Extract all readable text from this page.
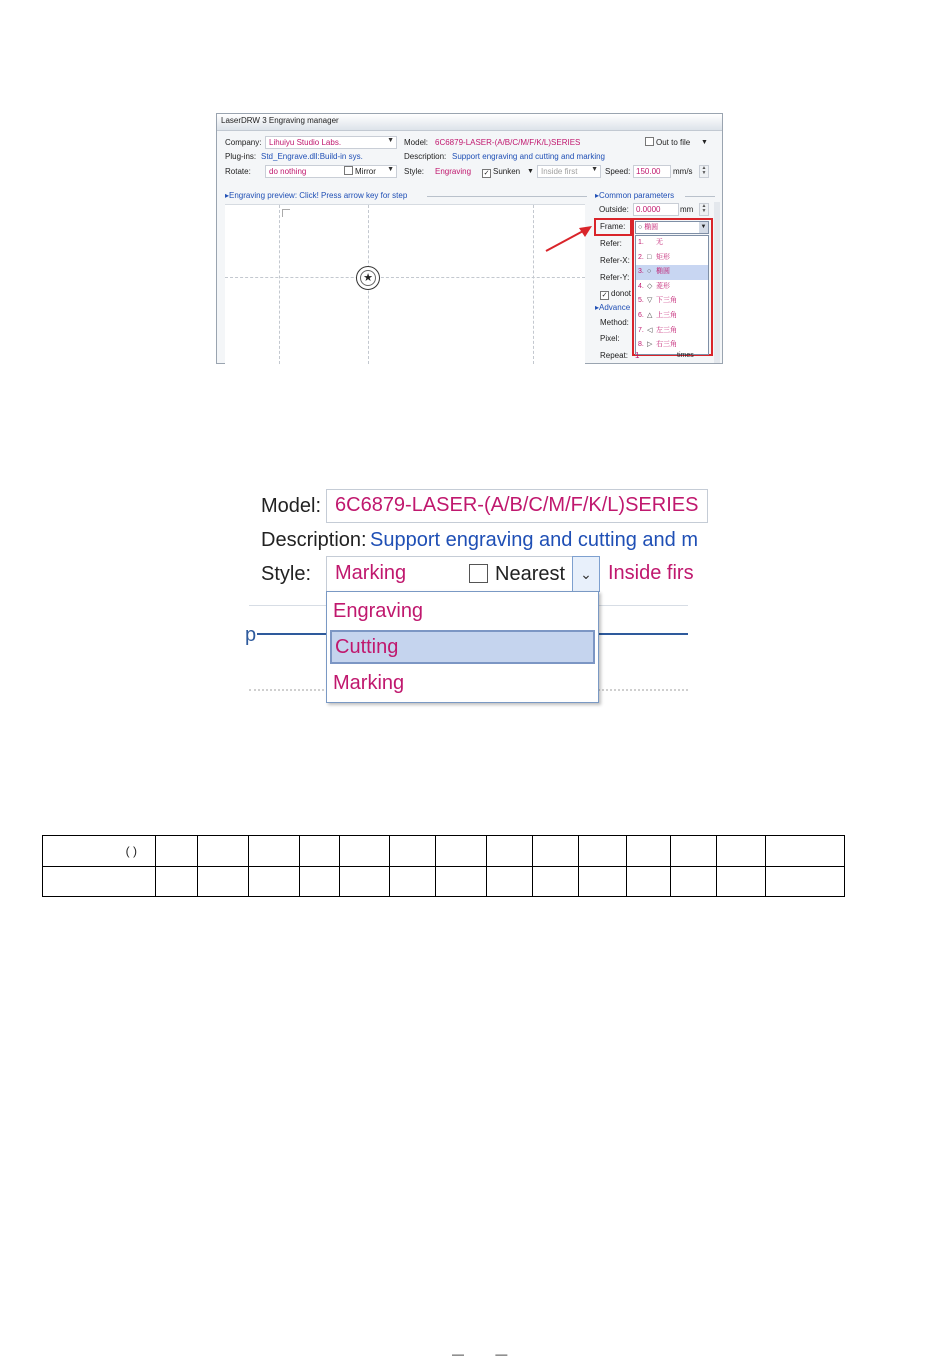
LaserDRW 3 Engraving manager
Company: Lihuiyu Studio Labs.	▼ Model: 6C6879-LASER-(A/B/C/M/F/K/L)SERIES	Out to file ▼
Plug-ins: Std_Engrave.dll:Build-in sys.	Description: Support engraving and cutting and marking
Rotate: do nothing	Mirror ▼ Style: Engraving ✓ Sunken ▼ Inside first ▼ Speed: 150.00 mm/s	▲
▼
▸Engraving preview: Click! Press arrow key for step	▸Common parameters
★
Outside: 0.0000 mm	▲
▼
Frame: ○ 椭圆	▼
1. 无
2. □ 矩形
3. ○ 椭圆
4. ◇ 菱形
5. ▽ 下三角
6. △ 上三角
7. ◁ 左三角
8. ▷ 右三角
Refer:
Refer-X:
Refer-Y:
✓ donot
▸Advance
Method:
Pixel:
Repeat: 1	times
Model: 6C6879-LASER-(A/B/C/M/F/K/L)SERIES
Description: Support engraving and cutting and m
Style: Marking	Nearest	⌄ Inside firs
p
Engraving
Cutting
Marking
( )														

— —
